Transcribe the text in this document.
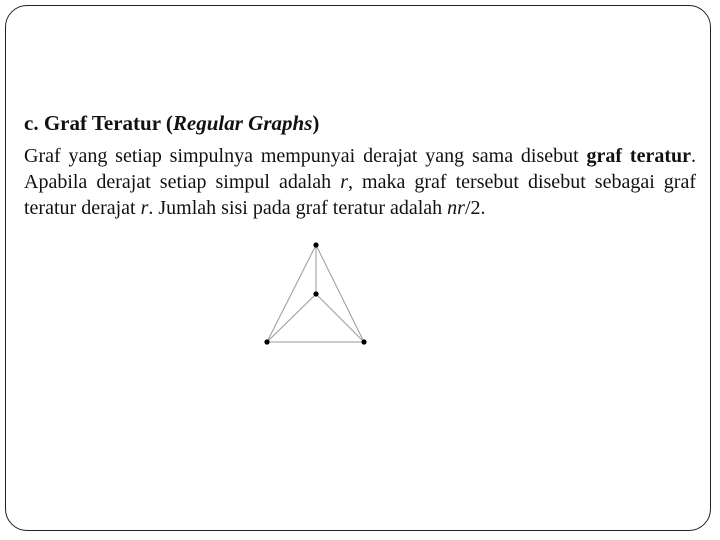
c. Graf Teratur (Regular Graphs)
Graf yang setiap simpulnya mempunyai derajat yang sama disebut graf teratur. Apabila derajat setiap simpul adalah r, maka graf tersebut disebut sebagai graf teratur derajat r. Jumlah sisi pada graf teratur adalah nr/2.
